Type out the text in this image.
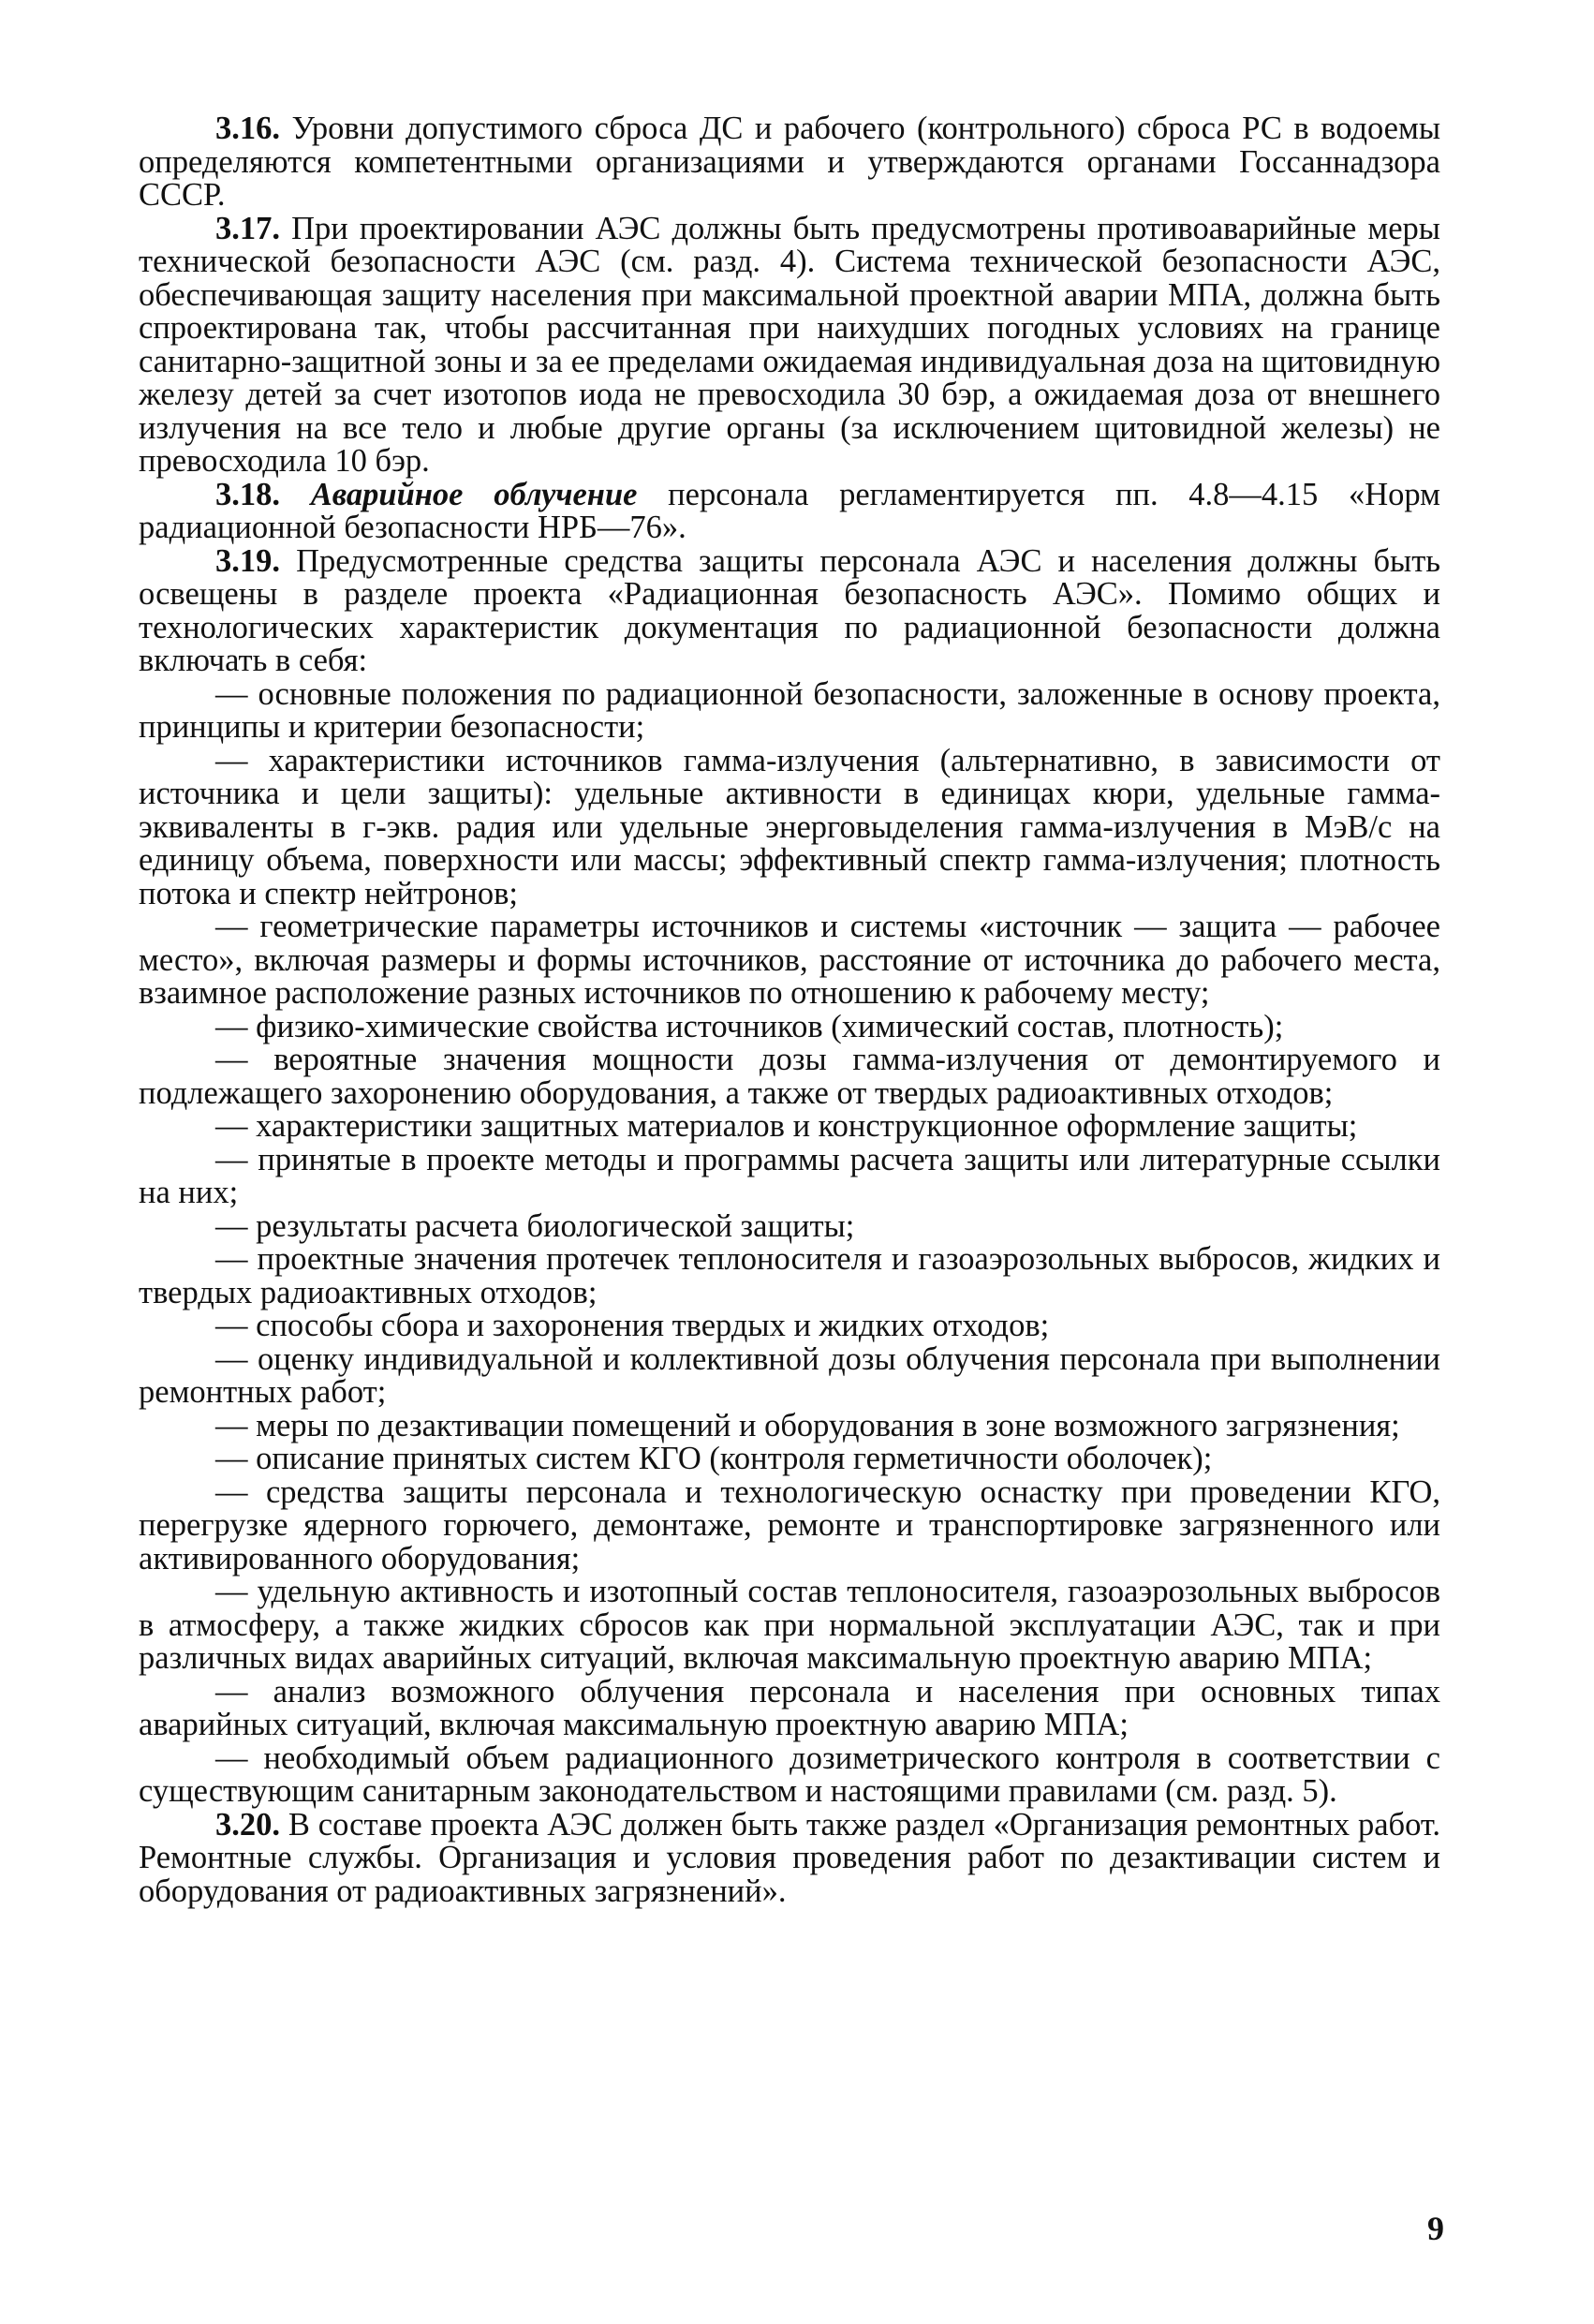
3.16. Уровни допустимого сброса ДС и рабочего (контрольного) сброса РС в водоемы определяются компетентными организациями и утверждаются органами Госсаннадзора СССР.

3.17. При проектировании АЭС должны быть предусмотрены противоаварийные меры технической безопасности АЭС (см. разд. 4). Система технической безопасности АЭС, обеспечивающая защиту населения при максимальной проектной аварии МПА, должна быть спроектирована так, чтобы рассчитанная при наихудших погодных условиях на границе санитарно-защитной зоны и за ее пределами ожидаемая индивидуальная доза на щитовидную железу детей за счет изотопов иода не превосходила 30 бэр, а ожидаемая доза от внешнего излучения на все тело и любые другие органы (за исключением щитовидной железы) не превосходила 10 бэр.

3.18. Аварийное облучение персонала регламентируется пп. 4.8—4.15 «Норм радиационной безопасности НРБ—76».

3.19. Предусмотренные средства защиты персонала АЭС и населения должны быть освещены в разделе проекта «Радиационная безопасность АЭС». Помимо общих и технологических характеристик документация по радиационной безопасности должна включать в себя:

— основные положения по радиационной безопасности, заложенные в основу проекта, принципы и критерии безопасности;

— характеристики источников гамма-излучения (альтернативно, в зависимости от источника и цели защиты): удельные активности в единицах кюри, удельные гамма-эквиваленты в г-экв. радия или удельные энерговыделения гамма-излучения в МэВ/с на единицу объема, поверхности или массы; эффективный спектр гамма-излучения; плотность потока и спектр нейтронов;

— геометрические параметры источников и системы «источник — защита — рабочее место», включая размеры и формы источников, расстояние от источника до рабочего места, взаимное расположение разных источников по отношению к рабочему месту;

— физико-химические свойства источников (химический состав, плотность);

— вероятные значения мощности дозы гамма-излучения от демонтируемого и подлежащего захоронению оборудования, а также от твердых радиоактивных отходов;

— характеристики защитных материалов и конструкционное оформление защиты;

— принятые в проекте методы и программы расчета защиты или литературные ссылки на них;

— результаты расчета биологической защиты;

— проектные значения протечек теплоносителя и газоаэрозольных выбросов, жидких и твердых радиоактивных отходов;

— способы сбора и захоронения твердых и жидких отходов;

— оценку индивидуальной и коллективной дозы облучения персонала при выполнении ремонтных работ;

— меры по дезактивации помещений и оборудования в зоне возможного загрязнения;

— описание принятых систем КГО (контроля герметичности оболочек);

— средства защиты персонала и технологическую оснастку при проведении КГО, перегрузке ядерного горючего, демонтаже, ремонте и транспортировке загрязненного или активированного оборудования;

— удельную активность и изотопный состав теплоносителя, газоаэрозольных выбросов в атмосферу, а также жидких сбросов как при нормальной эксплуатации АЭС, так и при различных видах аварийных ситуаций, включая максимальную проектную аварию МПА;

— анализ возможного облучения персонала и населения при основных типах аварийных ситуаций, включая максимальную проектную аварию МПА;

— необходимый объем радиационного дозиметрического контроля в соответствии с существующим санитарным законодательством и настоящими правилами (см. разд. 5).

3.20. В составе проекта АЭС должен быть также раздел «Организация ремонтных работ. Ремонтные службы. Организация и условия проведения работ по дезактивации систем и оборудования от радиоактивных загрязнений».

9
